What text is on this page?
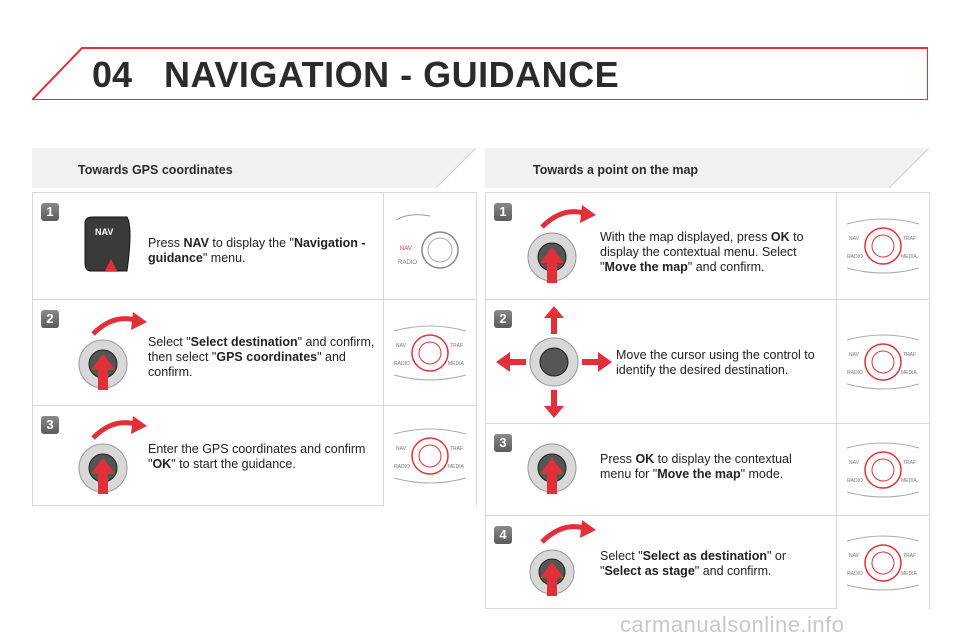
04 NAVIGATION - GUIDANCE
Towards GPS coordinates	Towards a point on the map
1
NAV
Press NAV to display the "Navigation - guidance" menu.
NAV
RADIO
2
Select "Select destination" and confirm, then select "GPS coordinates" and confirm.
NAV	TRAF
RADIO	MEDIA
3
Enter the GPS coordinates and confirm "OK" to start the guidance.
NAV	TRAF
RADIO	MEDIA
1
With the map displayed, press OK to display the contextual menu. Select "Move the map" and confirm.
NAV	TRAF
RADIO	MEDIA
2
Move the cursor using the control to identify the desired destination.
NAV	TRAF
RADIO	MEDIA
3
Press OK to display the contextual menu for "Move the map" mode.
NAV	TRAF
RADIO	MEDIA
4
Select "Select as destination" or "Select as stage" and confirm.
NAV	TRAF
RADIO	MEDIA
carmanualsonline.info
